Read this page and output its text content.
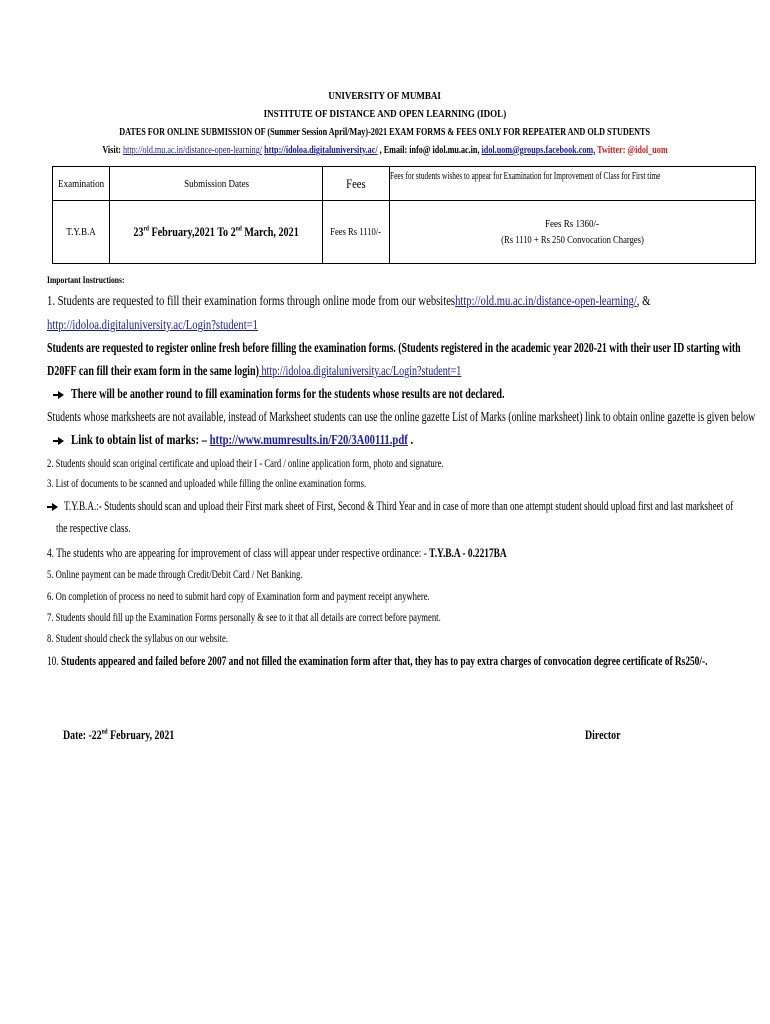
UNIVERSITY OF MUMBAI
INSTITUTE OF DISTANCE AND OPEN LEARNING (IDOL)
DATES FOR ONLINE SUBMISSION OF (Summer Session April/May)-2021 EXAM FORMS & FEES ONLY FOR REPEATER AND OLD STUDENTS
Visit: http://old.mu.ac.in/distance-open-learning/ http://idoloa.digitaluniversity.ac/ , Email: info@ idol.mu.ac.in, idol.uom@groups.facebook.com, Twitter: @idol_uom
Examination	Submission Dates	Fees	Fees for students wishes to appear for Examination for Improvement of Class for First time
T.Y.B.A	23rd February,2021 To 2nd March, 2021	Fees Rs 1110/-	Fees Rs 1360/-
(Rs 1110 + Rs 250 Convocation Charges)
Important Instructions:
1. Students are requested to fill their examination forms through online mode from our websiteshttp://old.mu.ac.in/distance-open-learning/, &
http://idoloa.digitaluniversity.ac/Login?student=1
Students are requested to register online fresh before filling the examination forms. (Students registered in the academic year 2020-21 with their user ID starting with
D20FF can fill their exam form in the same login) http://idoloa.digitaluniversity.ac/Login?student=1
There will be another round to fill examination forms for the students whose results are not declared.
Students whose marksheets are not available, instead of Marksheet students can use the online gazette List of Marks (online marksheet) link to obtain online gazette is given below
Link to obtain list of marks: – http://www.mumresults.in/F20/3A00111.pdf .
2. Students should scan original certificate and upload their I - Card / online application form, photo and signature.
3. List of documents to be scanned and uploaded while filling the online examination forms.
T.Y.B.A.:- Students should scan and upload their First mark sheet of First, Second & Third Year and in case of more than one attempt student should upload first and last marksheet of
the respective class.
4. The students who are appearing for improvement of class will appear under respective ordinance: - T.Y.B.A - 0.2217BA
5. Online payment can be made through Credit/Debit Card / Net Banking.
6. On completion of process no need to submit hard copy of Examination form and payment receipt anywhere.
7. Students should fill up the Examination Forms personally & see to it that all details are correct before payment.
8. Student should check the syllabus on our website.
10. Students appeared and failed before 2007 and not filled the examination form after that, they has to pay extra charges of convocation degree certificate of Rs250/-.
Date: -22nd February, 2021	Director
